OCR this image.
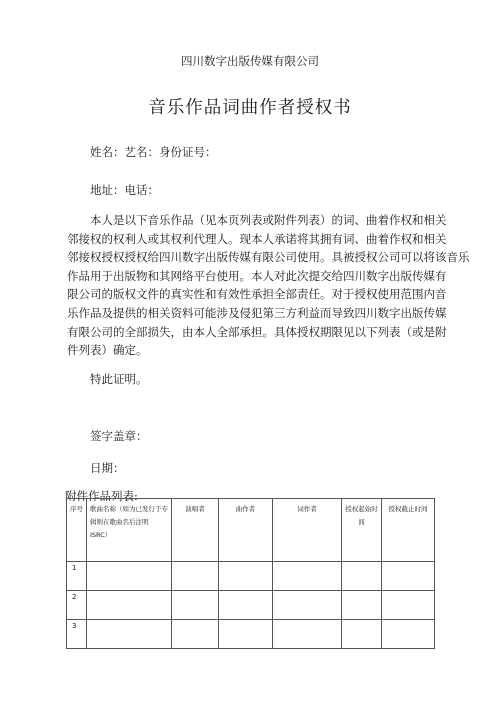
四川数字出版传媒有限公司
音乐作品词曲作者授权书
姓名：艺名：身份证号：
地址：电话：
本人是以下音乐作品（见本页列表或附件列表）的词、曲着作权和相关
邻接权的权利人或其权利代理人。现本人承诺将其拥有词、曲着作权和相关
邻接权授权授权给四川数字出版传媒有限公司使用。具被授权公司可以将该音乐
作品用于出版物和其网络平台使用。本人对此次提交给四川数字出版传媒有
限公司的版权文件的真实性和有效性承担全部责任。对于授权使用范围内音
乐作品及提供的相关资料可能涉及侵犯第三方利益而导致四川数字出版传媒
有限公司的全部损失，由本人全部承担。具体授权期限见以下列表（或是附
件列表）确定。
特此证明。
签字盖章：
日期：
附件作品列表:
序号	歌曲名称（如为已发行于专辑则在歌曲名后注明 ISRC）	演唱者	曲作者	词作者	授权起始时间	授权截止时间

1						
2						
3						
